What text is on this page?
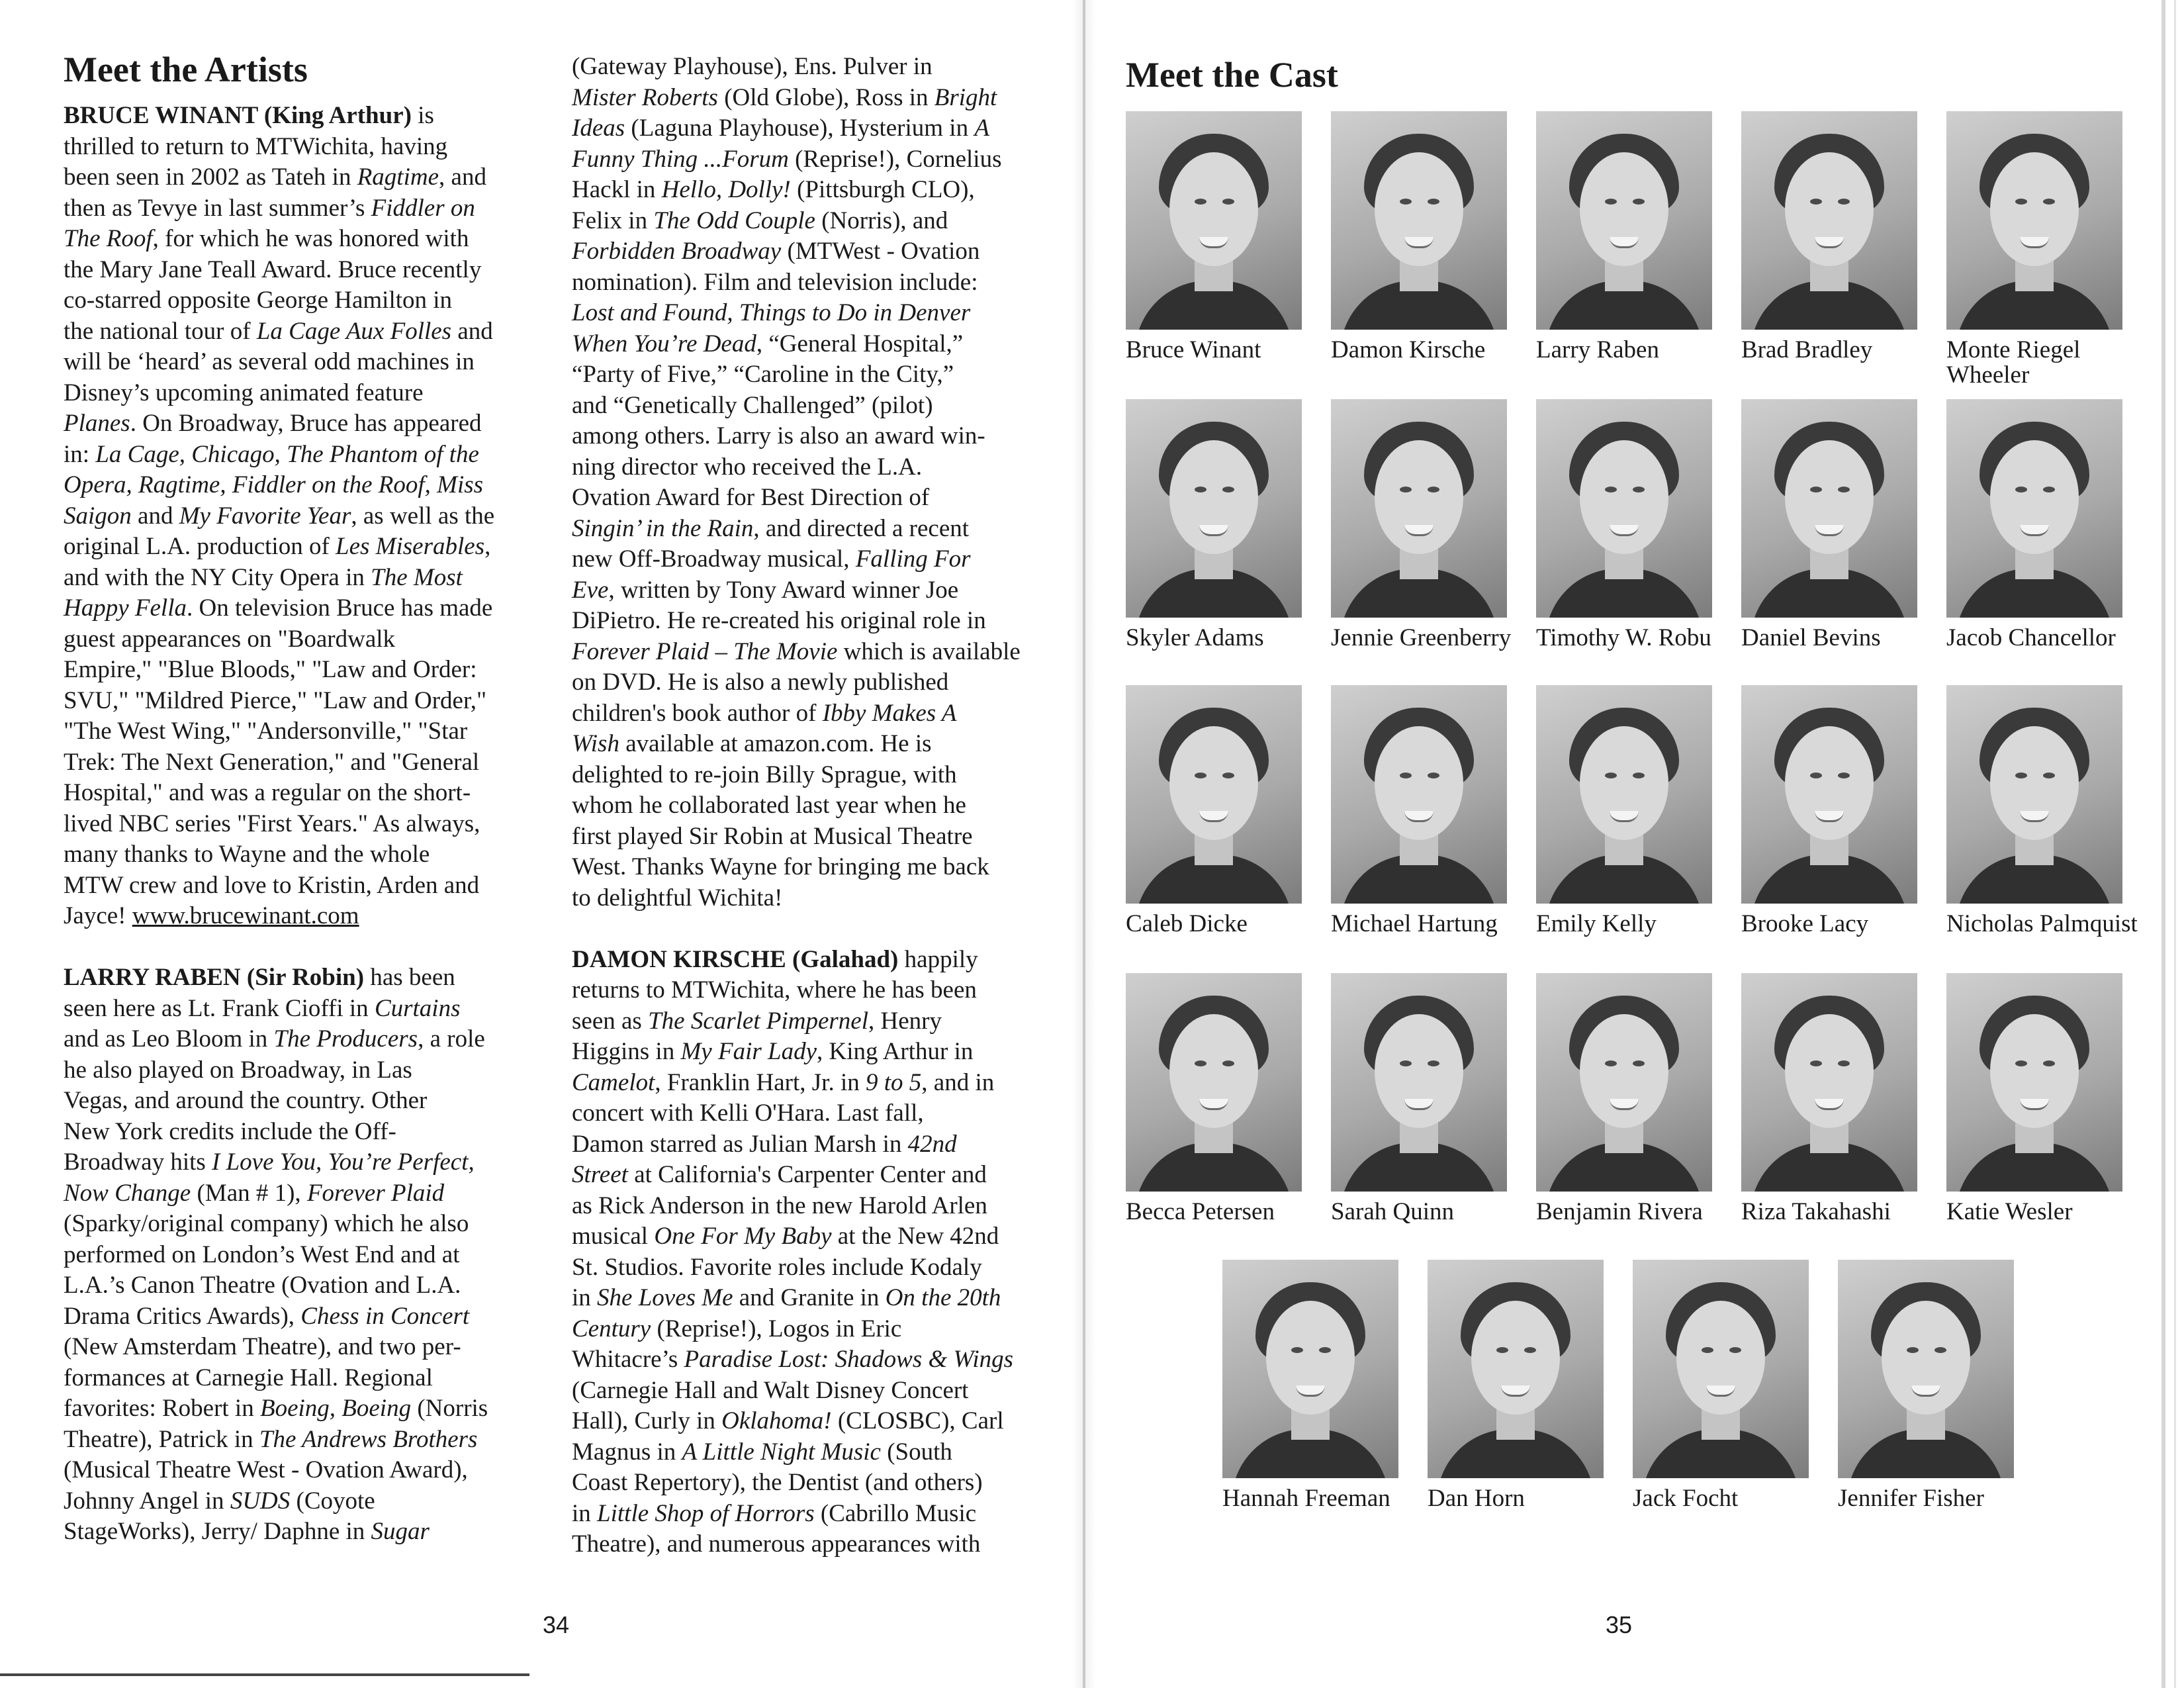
Meet the Artists
BRUCE WINANT (King Arthur) is
thrilled to return to MTWichita, having
been seen in 2002 as Tateh in Ragtime, and
then as Tevye in last summer’s Fiddler on
The Roof, for which he was honored with
the Mary Jane Teall Award. Bruce recently
co-starred opposite George Hamilton in
the national tour of La Cage Aux Folles and
will be ‘heard’ as several odd machines in
Disney’s upcoming animated feature
Planes. On Broadway, Bruce has appeared
in: La Cage, Chicago, The Phantom of the
Opera, Ragtime, Fiddler on the Roof, Miss
Saigon and My Favorite Year, as well as the
original L.A. production of Les Miserables,
and with the NY City Opera in The Most
Happy Fella. On television Bruce has made
guest appearances on "Boardwalk
Empire," "Blue Bloods," "Law and Order:
SVU," "Mildred Pierce," "Law and Order,"
"The West Wing," "Andersonville," "Star
Trek: The Next Generation," and "General
Hospital," and was a regular on the short-
lived NBC series "First Years." As always,
many thanks to Wayne and the whole
MTW crew and love to Kristin, Arden and
Jayce! www.brucewinant.com
LARRY RABEN (Sir Robin) has been
seen here as Lt. Frank Cioffi in Curtains
and as Leo Bloom in The Producers, a role
he also played on Broadway, in Las
Vegas, and around the country. Other
New York credits include the Off-
Broadway hits I Love You, You’re Perfect,
Now Change (Man # 1), Forever Plaid
(Sparky/original company) which he also
performed on London’s West End and at
L.A.’s Canon Theatre (Ovation and L.A.
Drama Critics Awards), Chess in Concert
(New Amsterdam Theatre), and two per-
formances at Carnegie Hall. Regional
favorites: Robert in Boeing, Boeing (Norris
Theatre), Patrick in The Andrews Brothers
(Musical Theatre West - Ovation Award),
Johnny Angel in SUDS (Coyote
StageWorks), Jerry/ Daphne in Sugar
(Gateway Playhouse), Ens. Pulver in
Mister Roberts (Old Globe), Ross in Bright
Ideas (Laguna Playhouse), Hysterium in A
Funny Thing ...Forum (Reprise!), Cornelius
Hackl in Hello, Dolly! (Pittsburgh CLO),
Felix in The Odd Couple (Norris), and
Forbidden Broadway (MTWest - Ovation
nomination). Film and television include:
Lost and Found, Things to Do in Denver
When You’re Dead, “General Hospital,”
“Party of Five,” “Caroline in the City,”
and “Genetically Challenged” (pilot)
among others. Larry is also an award win-
ning director who received the L.A.
Ovation Award for Best Direction of
Singin’ in the Rain, and directed a recent
new Off-Broadway musical, Falling For
Eve, written by Tony Award winner Joe
DiPietro. He re-created his original role in
Forever Plaid – The Movie which is available
on DVD. He is also a newly published
children's book author of Ibby Makes A
Wish available at amazon.com. He is
delighted to re-join Billy Sprague, with
whom he collaborated last year when he
first played Sir Robin at Musical Theatre
West. Thanks Wayne for bringing me back
to delightful Wichita!
DAMON KIRSCHE (Galahad) happily
returns to MTWichita, where he has been
seen as The Scarlet Pimpernel, Henry
Higgins in My Fair Lady, King Arthur in
Camelot, Franklin Hart, Jr. in 9 to 5, and in
concert with Kelli O'Hara. Last fall,
Damon starred as Julian Marsh in 42nd
Street at California's Carpenter Center and
as Rick Anderson in the new Harold Arlen
musical One For My Baby at the New 42nd
St. Studios. Favorite roles include Kodaly
in She Loves Me and Granite in On the 20th
Century (Reprise!), Logos in Eric
Whitacre’s Paradise Lost: Shadows & Wings
(Carnegie Hall and Walt Disney Concert
Hall), Curly in Oklahoma! (CLOSBC), Carl
Magnus in A Little Night Music (South
Coast Repertory), the Dentist (and others)
in Little Shop of Horrors (Cabrillo Music
Theatre), and numerous appearances with
34
Meet the Cast
Bruce Winant	Damon Kirsche	Larry Raben	Brad Bradley	Monte Riegel Wheeler
Skyler Adams	Jennie Greenberry	Timothy W. Robu	Daniel Bevins	Jacob Chancellor
Caleb Dicke	Michael Hartung	Emily Kelly	Brooke Lacy	Nicholas Palmquist
Becca Petersen	Sarah Quinn	Benjamin Rivera	Riza Takahashi	Katie Wesler
Hannah Freeman	Dan Horn	Jack Focht	Jennifer Fisher
35
